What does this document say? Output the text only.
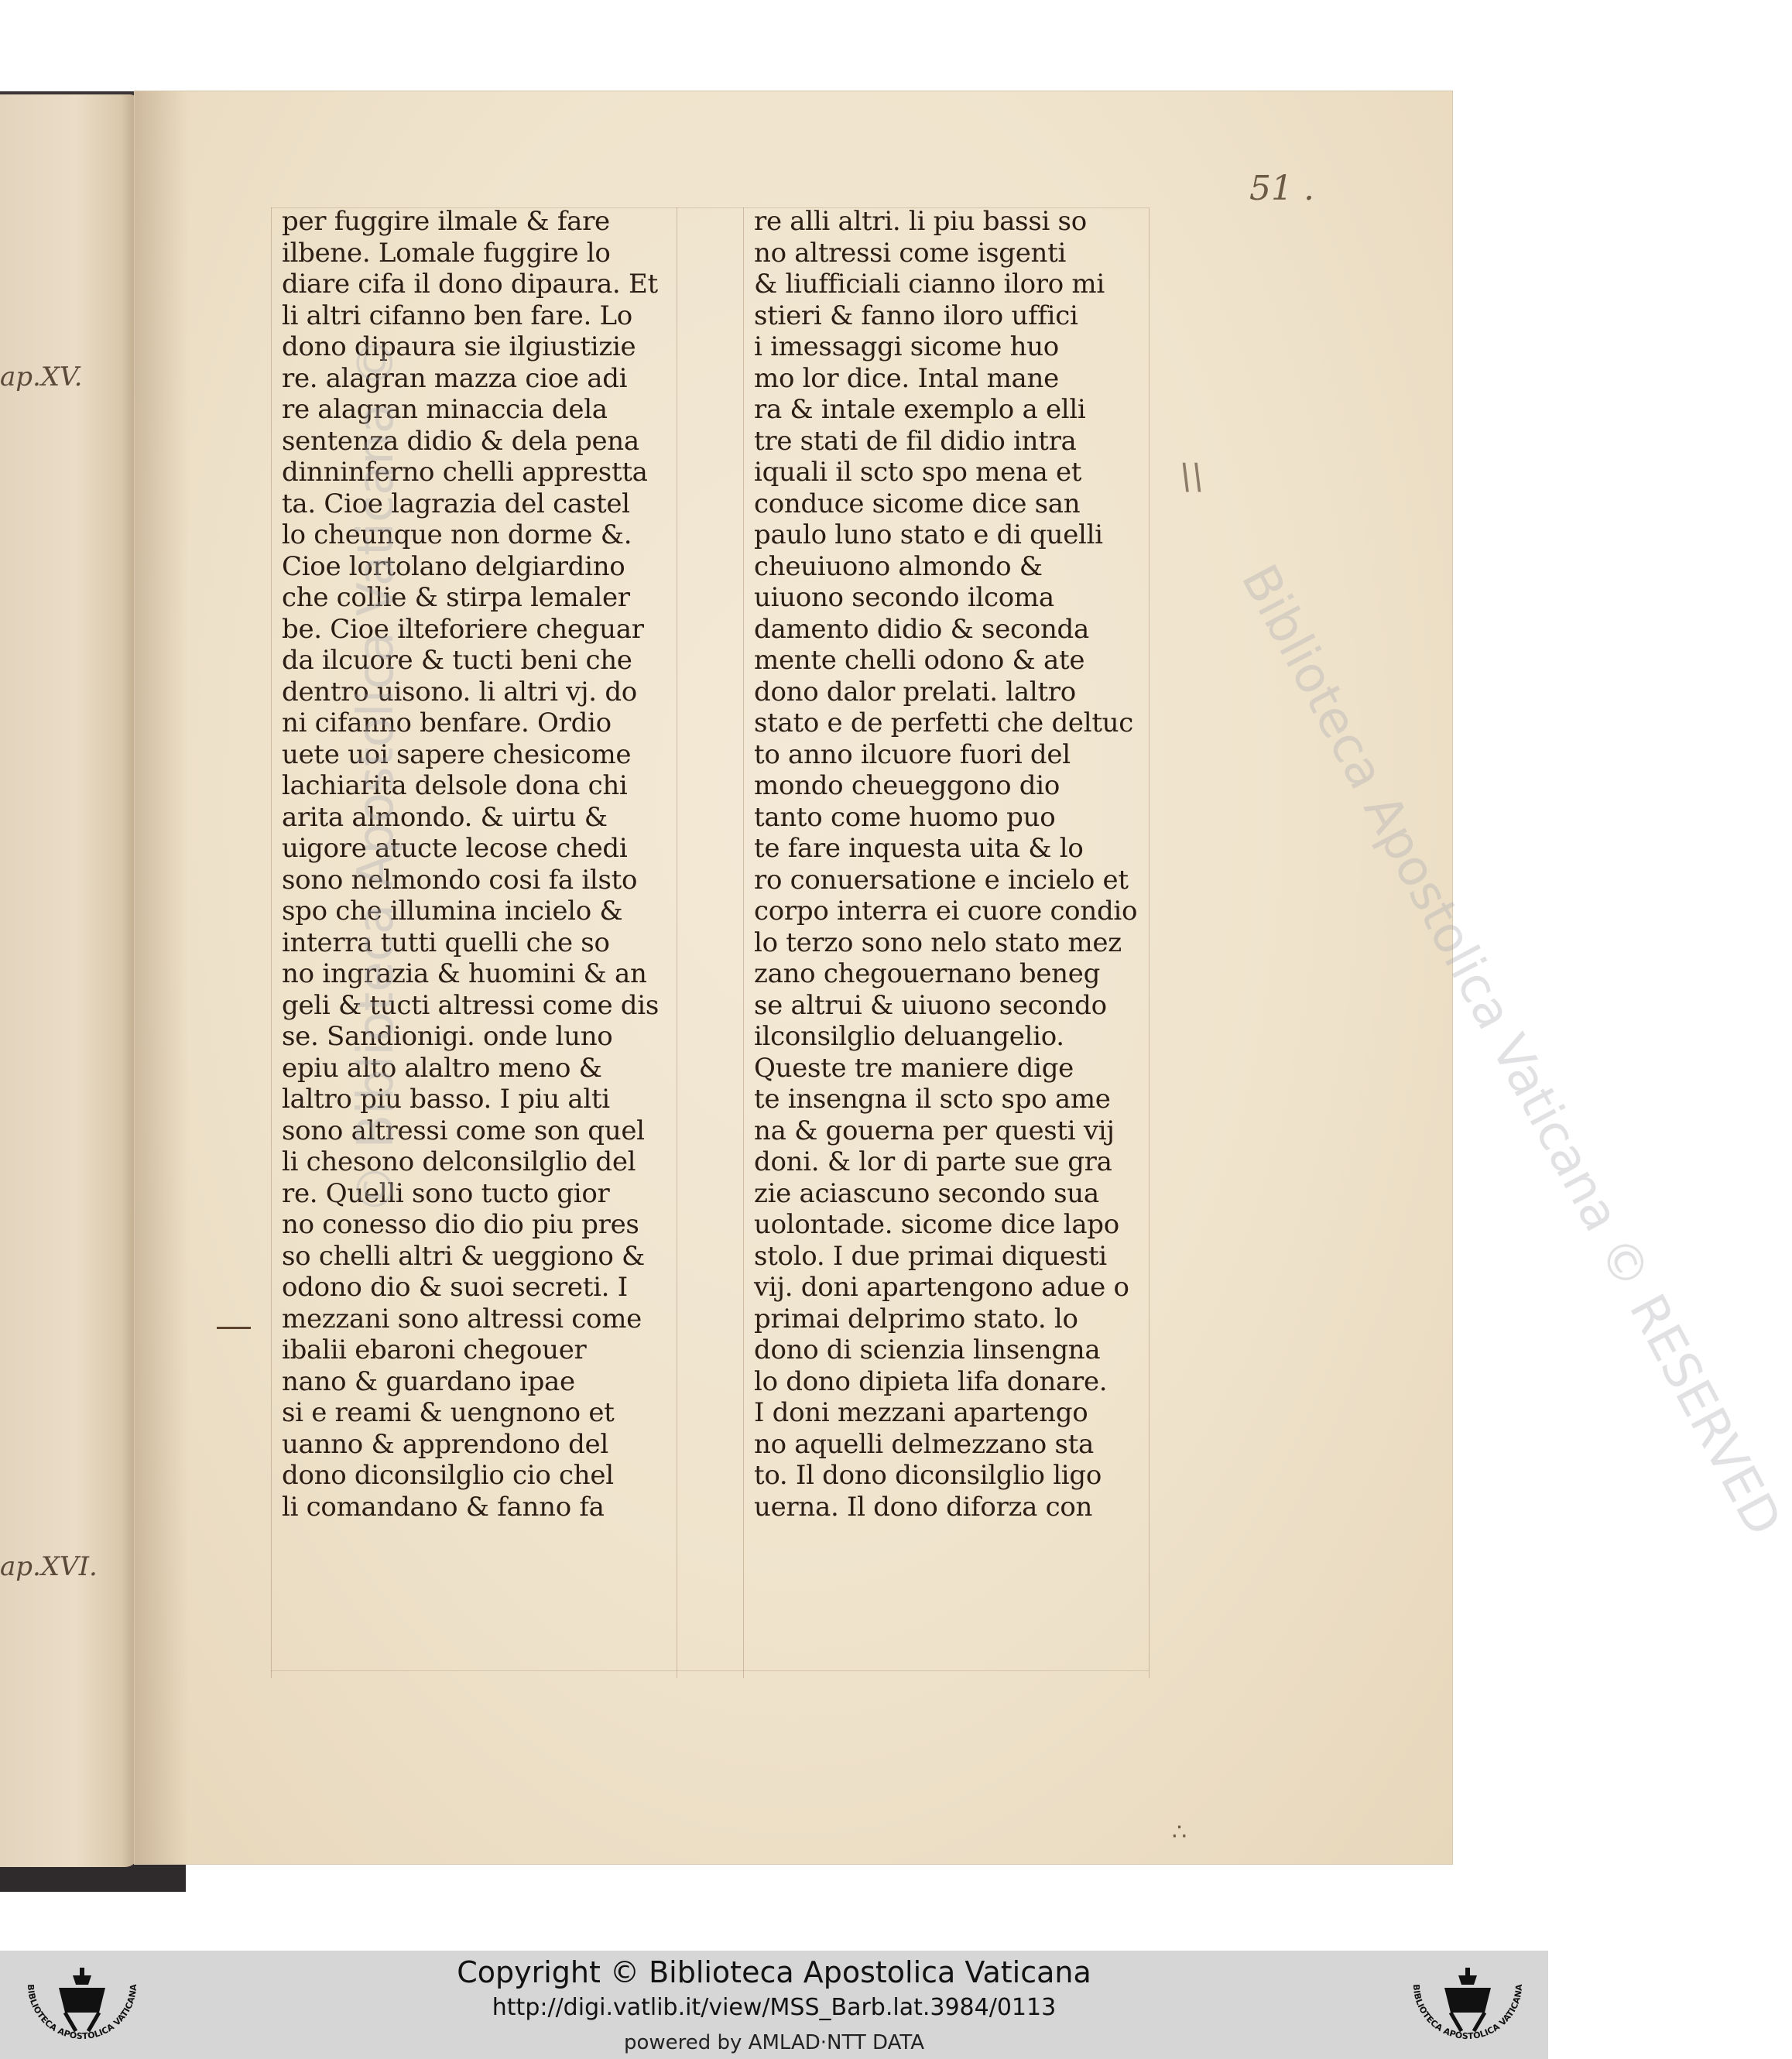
ap.XV.
ap.XVI.
51 .
\\
∴
per fuggire ilmale & fare
ilbene. Lomale fuggire lo
diare cifa il dono dipaura. Et
li altri cifanno ben fare. Lo
dono dipaura sie ilgiustizie
re. alagran mazza cioe adi
re alagran minaccia dela
sentenza didio & dela pena
dinninferno chelli apprestta
ta. Cioe lagrazia del castel
lo cheunque non dorme &.
Cioe lortolano delgiardino
che collie & stirpa lemaler
be. Cioe ilteforiere cheguar
da ilcuore & tucti beni che
dentro uisono. li altri vj. do
ni cifanno benfare. Ordio
uete uoi sapere chesicome
lachiarita delsole dona chi
arita almondo. & uirtu &
uigore atucte lecose chedi
sono nelmondo cosi fa ilsto
spo che illumina incielo &
interra tutti quelli che so
no ingrazia & huomini & an
geli & tucti altressi come dis
se. Sandionigi. onde luno
epiu alto alaltro meno &
laltro piu basso. I piu alti
sono altressi come son quel
li chesono delconsilglio del
re. Quelli sono tucto gior
no conesso dio dio piu pres
so chelli altri & ueggiono &
odono dio & suoi secreti. I
mezzani sono altressi come
ibalii ebaroni chegouer
nano & guardano ipae
si e reami & uengnono et
uanno & apprendono del
dono diconsilglio cio chel
li comandano & fanno fa
re alli altri. li piu bassi so
no altressi come isgenti
& liufficiali cianno iloro mi
stieri & fanno iloro uffici
i imessaggi sicome huo
mo lor dice. Intal mane
ra & intale exemplo a elli
tre stati de fil didio intra
iquali il scto spo mena et
conduce sicome dice san
paulo luno stato e di quelli
cheuiuono almondo &
uiuono secondo ilcoma
damento didio & seconda
mente chelli odono & ate
dono dalor prelati. laltro
stato e de perfetti che deltuc
to anno ilcuore fuori del
mondo cheueggono dio
tanto come huomo puo
te fare inquesta uita & lo
ro conuersatione e incielo et
corpo interra ei cuore condio
lo terzo sono nelo stato mez
zano chegouernano beneg
se altrui & uiuono secondo
ilconsilglio deluangelio.
Queste tre maniere dige
te insengna il scto spo ame
na & gouerna per questi vij
doni. & lor di parte sue gra
zie aciascuno secondo sua
uolontade. sicome dice lapo
stolo. I due primai diquesti
vij. doni apartengono adue o
primai delprimo stato. lo
dono di scienzia linsengna
lo dono dipieta lifa donare.
I doni mezzani apartengo
no aquelli delmezzano sta
to. Il dono diconsilglio ligo
uerna. Il dono diforza con	Biblioteca Apostolica Vaticana © RESERVED
© Biblioteca Apostolica Vaticana ©
BIBLIOTECA APOSTOLICA VATICANA	Copyright © Biblioteca Apostolica Vaticana
http://digi.vatlib.it/view/MSS_Barb.lat.3984/0113
powered by AMLAD·NTT DATA
BIBLIOTECA APOSTOLICA VATICANA
